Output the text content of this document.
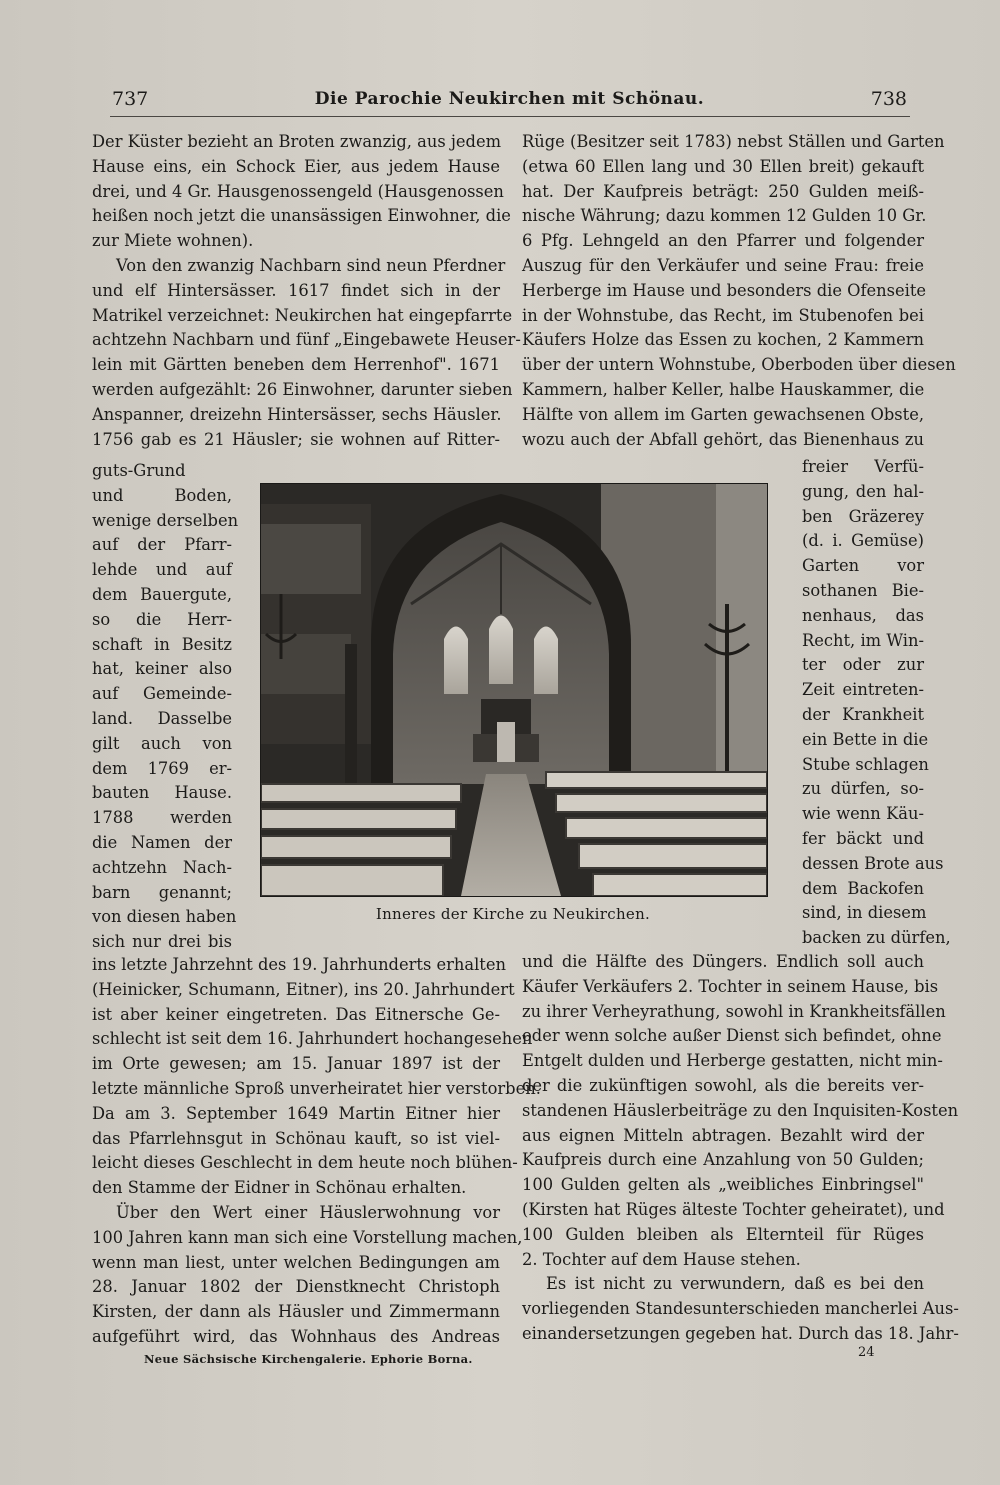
737	Die Parochie Neukirchen mit Schönau.	738
Der Küster bezieht an Broten zwanzig, aus jedem
Hause eins, ein Schock Eier, aus jedem Hause
drei, und 4 Gr. Hausgenossengeld (Hausgenossen
heißen noch jetzt die unansässigen Einwohner, die
zur Miete wohnen).
Von den zwanzig Nachbarn sind neun Pferdner
und elf Hintersässer. 1617 findet sich in der
Matrikel verzeichnet: Neukirchen hat eingepfarrte
achtzehn Nachbarn und fünf „Eingebawete Heuser-
lein mit Gärtten beneben dem Herrenhof". 1671
werden aufgezählt: 26 Einwohner, darunter sieben
Anspanner, dreizehn Hintersässer, sechs Häusler.
1756 gab es 21 Häusler; sie wohnen auf Ritter-
guts-Grund
und Boden,
wenige derselben
auf der Pfarr-
lehde und auf
dem Bauergute,
so die Herr-
schaft in Besitz
hat, keiner also
auf Gemeinde-
land. Dasselbe
gilt auch von
dem 1769 er-
bauten Hause.
1788 werden
die Namen der
achtzehn Nach-
barn genannt;
von diesen haben
sich nur drei bis
Inneres der Kirche zu Neukirchen.
ins letzte Jahrzehnt des 19. Jahrhunderts erhalten
(Heinicker, Schumann, Eitner), ins 20. Jahrhundert
ist aber keiner eingetreten. Das Eitnersche Ge-
schlecht ist seit dem 16. Jahrhundert hochangesehen
im Orte gewesen; am 15. Januar 1897 ist der
letzte männliche Sproß unverheiratet hier verstorben.
Da am 3. September 1649 Martin Eitner hier
das Pfarrlehnsgut in Schönau kauft, so ist viel-
leicht dieses Geschlecht in dem heute noch blühen-
den Stamme der Eidner in Schönau erhalten.
Über den Wert einer Häuslerwohnung vor
100 Jahren kann man sich eine Vorstellung machen,
wenn man liest, unter welchen Bedingungen am
28. Januar 1802 der Dienstknecht Christoph
Kirsten, der dann als Häusler und Zimmermann
aufgeführt wird, das Wohnhaus des Andreas
Rüge (Besitzer seit 1783) nebst Ställen und Garten
(etwa 60 Ellen lang und 30 Ellen breit) gekauft
hat. Der Kaufpreis beträgt: 250 Gulden meiß-
nische Währung; dazu kommen 12 Gulden 10 Gr.
6 Pfg. Lehngeld an den Pfarrer und folgender
Auszug für den Verkäufer und seine Frau: freie
Herberge im Hause und besonders die Ofenseite
in der Wohnstube, das Recht, im Stubenofen bei
Käufers Holze das Essen zu kochen, 2 Kammern
über der untern Wohnstube, Oberboden über diesen
Kammern, halber Keller, halbe Hauskammer, die
Hälfte von allem im Garten gewachsenen Obste,
wozu auch der Abfall gehört, das Bienenhaus zu
freier Verfü-
gung, den hal-
ben Gräzerey
(d. i. Gemüse)
Garten vor
sothanen Bie-
nenhaus, das
Recht, im Win-
ter oder zur
Zeit eintreten-
der Krankheit
ein Bette in die
Stube schlagen
zu dürfen, so-
wie wenn Käu-
fer bäckt und
dessen Brote aus
dem Backofen
sind, in diesem
backen zu dürfen,
und die Hälfte des Düngers. Endlich soll auch
Käufer Verkäufers 2. Tochter in seinem Hause, bis
zu ihrer Verheyrathung, sowohl in Krankheitsfällen
oder wenn solche außer Dienst sich befindet, ohne
Entgelt dulden und Herberge gestatten, nicht min-
der die zukünftigen sowohl, als die bereits ver-
standenen Häuslerbeiträge zu den Inquisiten-Kosten
aus eignen Mitteln abtragen. Bezahlt wird der
Kaufpreis durch eine Anzahlung von 50 Gulden;
100 Gulden gelten als „weibliches Einbringsel"
(Kirsten hat Rüges älteste Tochter geheiratet), und
100 Gulden bleiben als Elternteil für Rüges
2. Tochter auf dem Hause stehen.
Es ist nicht zu verwundern, daß es bei den
vorliegenden Standesunterschieden mancherlei Aus-
einandersetzungen gegeben hat. Durch das 18. Jahr-
Neue Sächsische Kirchengalerie. Ephorie Borna.	24
